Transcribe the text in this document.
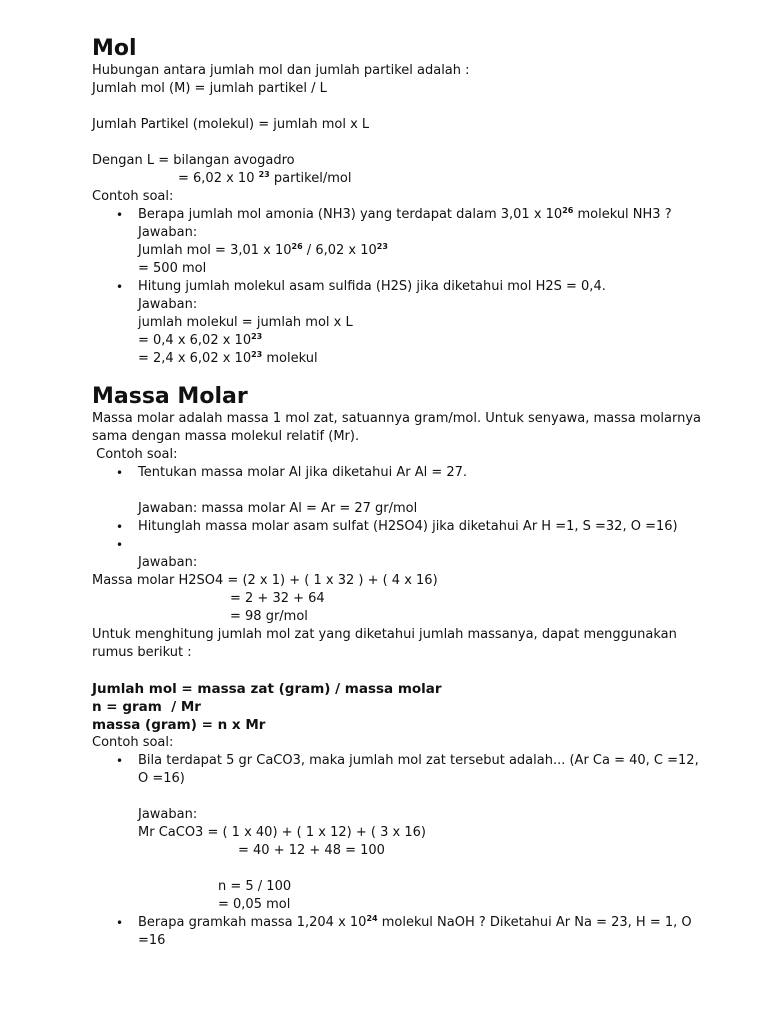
Mol

Hubungan antara jumlah mol dan jumlah partikel adalah :

Jumlah mol (M) = jumlah partikel / L

Jumlah Partikel (molekul) = jumlah mol x L

Dengan L = bilangan avogadro

= 6,02 x 10 $^{23}$ partikel/mol

Contoh soal:

• Berapa jumlah mol amonia (NH3) yang terdapat dalam 3,01 x $10^{26}$ molekul NH3 ?

Jawaban:

Jumlah mol = 3,01 x $10^{26} / 6,02$ x $10^{23}$

= 500 mol

• Hitung jumlah molekul asam sulfida (H2S) jika diketahui mol H2S = 0,4.

Jawaban:

jumlah molekul = jumlah mol x L

= 0,4 x 6,02 x $10^{23}$

= 2,4 x 6,02 x $10^{23}$ molekul

Massa Molar

Massa molar adalah massa 1 mol zat, satuannya gram/mol. Untuk senyawa, massa molarnya sama dengan massa molekul relatif (Mr).

Contoh soal:

• Tentukan massa molar Al jika diketahui Ar Al = 27.

Jawaban: massa molar Al = Ar = 27 gr/mol

• Hitunglah massa molar asam sulfat (H2SO4) jika diketahui Ar H =1, S =32, O =16)

• Jawaban:

Massa molar H2SO4 = (2 x 1) + ( 1 x 32 ) + ( 4 x 16)

= 2 + 32 + 64

= 98 gr/mol

Untuk menghitung jumlah mol zat yang diketahui jumlah massanya, dapat menggunakan rumus berikut :

Jumlah mol = massa zat (gram) / massa molar

n = gram  / Mr

massa (gram) = n x Mr

Contoh soal:

• Bila terdapat 5 gr CaCO3, maka jumlah mol zat tersebut adalah... (Ar Ca = 40, C =12, O =16)

Jawaban:

Mr CaCO3 = ( 1 x 40) + ( 1 x 12) + ( 3 x 16)

= 40 + 12 + 48 = 100

n = 5 / 100

= 0,05 mol

• Berapa gramkah massa 1,204 x $10^{24}$ molekul NaOH ? Diketahui Ar Na = 23, H = 1, O =16
